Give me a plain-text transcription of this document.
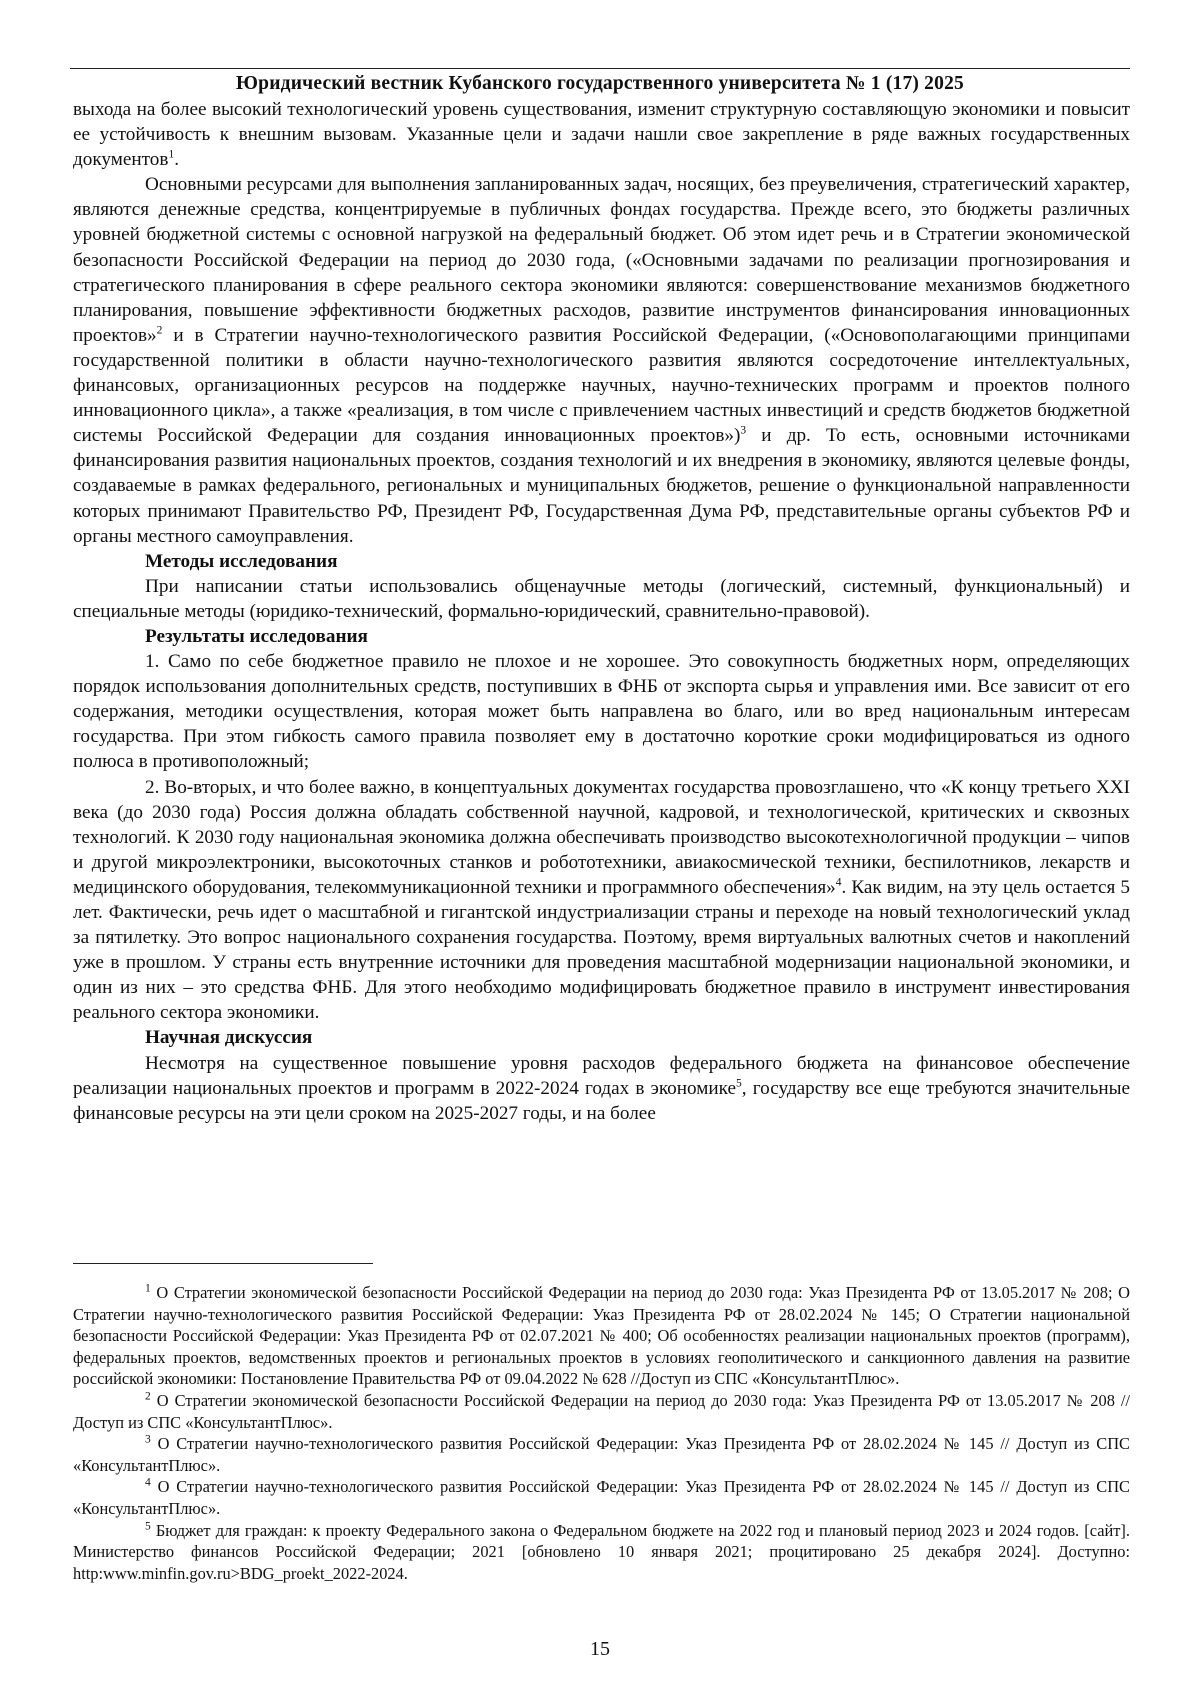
Юридический вестник Кубанского государственного университета № 1 (17) 2025

выхода на более высокий технологический уровень существования, изменит структурную составляющую экономики и повысит ее устойчивость к внешним вызовам. Указанные цели и задачи нашли свое закрепление в ряде важных государственных документов$^1$.

Основными ресурсами для выполнения запланированных задач, носящих, без преувеличения, стратегический характер, являются денежные средства, концентрируемые в публичных фондах государства. Прежде всего, это бюджеты различных уровней бюджетной системы с основной нагрузкой на федеральный бюджет. Об этом идет речь и в Стратегии экономической безопасности Российской Федерации на период до 2030 года, («Основными задачами по реализации прогнозирования и стратегического планирования в сфере реального сектора экономики являются: совершенствование механизмов бюджетного планирования, повышение эффективности бюджетных расходов, развитие инструментов финансирования инновационных проектов»$^2$ и в Стратегии научно-технологического развития Российской Федерации, («Основополагающими принципами государственной политики в области научно-технологического развития являются сосредоточение интеллектуальных, финансовых, организационных ресурсов на поддержке научных, научно-технических программ и проектов полного инновационного цикла», а также «реализация, в том числе с привлечением частных инвестиций и средств бюджетов бюджетной системы Российской Федерации для создания инновационных проектов»)$^3$ и др. То есть, основными источниками финансирования развития национальных проектов, создания технологий и их внедрения в экономику, являются целевые фонды, создаваемые в рамках федерального, региональных и муниципальных бюджетов, решение о функциональной направленности которых принимают Правительство РФ, Президент РФ, Государственная Дума РФ, представительные органы субъектов РФ и органы местного самоуправления.

Методы исследования

При написании статьи использовались общенаучные методы (логический, системный, функциональный) и специальные методы (юридико-технический, формально-юридический, сравнительно-правовой).

Результаты исследования

1. Само по себе бюджетное правило не плохое и не хорошее. Это совокупность бюджетных норм, определяющих порядок использования дополнительных средств, поступивших в ФНБ от экспорта сырья и управления ими. Все зависит от его содержания, методики осуществления, которая может быть направлена во благо, или во вред национальным интересам государства. При этом гибкость самого правила позволяет ему в достаточно короткие сроки модифицироваться из одного полюса в противоположный;

2. Во-вторых, и что более важно, в концептуальных документах государства провозглашено, что «К концу третьего XXI века (до 2030 года) Россия должна обладать собственной научной, кадровой, и технологической, критических и сквозных технологий. К 2030 году национальная экономика должна обеспечивать производство высокотехнологичной продукции – чипов и другой микроэлектроники, высокоточных станков и робототехники, авиакосмической техники, беспилотников, лекарств и медицинского оборудования, телекоммуникационной техники и программного обеспечения»$^4$. Как видим, на эту цель остается 5 лет. Фактически, речь идет о масштабной и гигантской индустриализации страны и переходе на новый технологический уклад за пятилетку. Это вопрос национального сохранения государства. Поэтому, время виртуальных валютных счетов и накоплений уже в прошлом. У страны есть внутренние источники для проведения масштабной модернизации национальной экономики, и один из них – это средства ФНБ. Для этого необходимо модифицировать бюджетное правило в инструмент инвестирования реального сектора экономики.

Научная дискуссия

Несмотря на существенное повышение уровня расходов федерального бюджета на финансовое обеспечение реализации национальных проектов и программ в 2022-2024 годах в экономике$^5$, государству все еще требуются значительные финансовые ресурсы на эти цели сроком на 2025-2027 годы, и на более

$^1$ О Стратегии экономической безопасности Российской Федерации на период до 2030 года: Указ Президента РФ от 13.05.2017 № 208; О Стратегии научно-технологического развития Российской Федерации: Указ Президента РФ от 28.02.2024 № 145; О Стратегии национальной безопасности Российской Федерации: Указ Президента РФ от 02.07.2021 № 400; Об особенностях реализации национальных проектов (программ), федеральных проектов, ведомственных проектов и региональных проектов в условиях геополитического и санкционного давления на развитие российской экономики: Постановление Правительства РФ от 09.04.2022 № 628 //Доступ из СПС «КонсультантПлюс».

$^2$ О Стратегии экономической безопасности Российской Федерации на период до 2030 года: Указ Президента РФ от 13.05.2017 № 208 // Доступ из СПС «КонсультантПлюс».

$^3$ О Стратегии научно-технологического развития Российской Федерации: Указ Президента РФ от 28.02.2024 № 145 // Доступ из СПС «КонсультантПлюс».

$^4$ О Стратегии научно-технологического развития Российской Федерации: Указ Президента РФ от 28.02.2024 № 145 // Доступ из СПС «КонсультантПлюс».

$^5$ Бюджет для граждан: к проекту Федерального закона о Федеральном бюджете на 2022 год и плановый период 2023 и 2024 годов. [сайт]. Министерство финансов Российской Федерации; 2021 [обновлено 10 января 2021; процитировано 25 декабря 2024]. Доступно: http:www.minfin.gov.ru>BDG_proekt_2022-2024.

15
